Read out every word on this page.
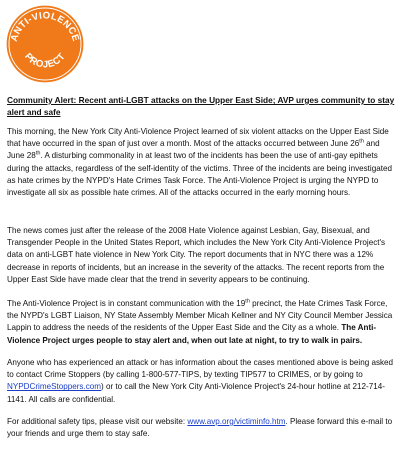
ANTI-VIOLENCE
PROJECT
Community Alert: Recent anti-LGBT attacks on the Upper East Side; AVP urges community to stay alert and safe

This morning, the New York City Anti-Violence Project learned of six violent attacks on the Upper East Side that have occurred in the span of just over a month. Most of the attacks occurred between June 26th and June 28th. A disturbing commonality in at least two of the incidents has been the use of anti-gay epithets during the attacks, regardless of the self-identity of the victims. Three of the incidents are being investigated as hate crimes by the NYPD's Hate Crimes Task Force. The Anti-Violence Project is urging the NYPD to investigate all six as possible hate crimes. All of the attacks occurred in the early morning hours.

The news comes just after the release of the 2008 Hate Violence against Lesbian, Gay, Bisexual, and Transgender People in the United States Report, which includes the New York City Anti-Violence Project's data on anti-LGBT hate violence in New York City. The report documents that in NYC there was a 12% decrease in reports of incidents, but an increase in the severity of the attacks. The recent reports from the Upper East Side have made clear that the trend in severity appears to be continuing.

The Anti-Violence Project is in constant communication with the 19th precinct, the Hate Crimes Task Force, the NYPD's LGBT Liaison, NY State Assembly Member Micah Kellner and NY City Council Member Jessica Lappin to address the needs of the residents of the Upper East Side and the City as a whole. The Anti-Violence Project urges people to stay alert and, when out late at night, to try to walk in pairs.

Anyone who has experienced an attack or has information about the cases mentioned above is being asked to contact Crime Stoppers (by calling 1-800-577-TIPS, by texting TIP577 to CRIMES, or by going to NYPDCrimeStoppers.com) or to call the New York City Anti-Violence Project's 24-hour hotline at 212-714-1141. All calls are confidential.

For additional safety tips, please visit our website: www.avp.org/victiminfo.htm. Please forward this e-mail to your friends and urge them to stay safe.
